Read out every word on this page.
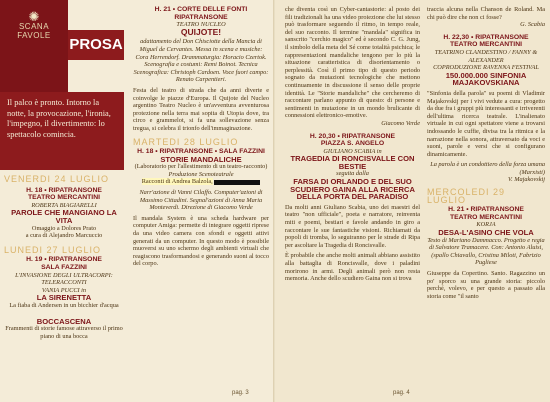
✺
SCANA
FAVOLE
PROSA
Il palco è pronto. Intorno la notte, la provocazione, l'ironia, l'impegno, il divertimento: lo spettacolo comincia.
VENERDI 24 LUGLIO
H. 18 • RIPATRANSONE
TEATRO MERCANTINI
ROBERTA BIAGIARELLI
PAROLE CHE MANGIANO LA VITA
Omaggio a Dolores Prato
a cura di Alejandro Marcuccio
LUNEDI 27 LUGLIO
H. 19 • RIPATRANSONE
SALA FAZZINI
L'INVASIONE DEGLI ULTRACORPI: TELERACCONTI
VANIA PUCCI in
LA SIRENETTA
La fiaba di Andersen in un bicchier d'acqua
BOCCASCENA
Frammenti di storie famose attraverso il primo piano di una bocca
H. 21 • CORTE DELLE FONTI
RIPATRANSONE
TEATRO NUCLEO
QUIJOTE!
adattamento del Don Chisciotte della Mancia di Miguel de Cervantes. Messa in scena e musiche: Cora Herrendorf. Drammaturgia: Horacio Czertok. Scenografia e costumi: Remi Boinot. Tecnica Scenografica: Christoph Cardoen. Voce fuori campo: Renato Carpentieri.
Festa del teatro di strada che da anni diverte e coinvolge le piazze d'Europa. Il Quijote del Nucleo argentino Teatro Nucleo è un'avventura avventurosa protezione nella terra mai sopita di Utopia dove, tra circo e grammelot, si fa una sollevazione senza tregua, si celebra il trionfo dell'immaginazione.
MARTEDI 28 LUGLIO
H. 18 • RIPATRANSONE • SALA FAZZINI
STORIE MANDALICHE
(Laboratorio per l'allestimento di un teatro-racconto)
Produzione Scenoteatrale
Racconti di Andrea Balzola,
Narr'azione di Vanni Cilaffo. Computer'azioni di Massimo Cittadini. Segnal'azioni di Anna Maria Monteverdi. Direzione di Giacomo Verde
Il mandala System è una scheda hardware per computer Amiga: permette di integrare oggetti riprese da una video camera con sfondi e oggetti attivi generati da un computer. In questo modo è possibile muoversi su uno schermo degli ambienti virtuali che reagiscono trasformandosi e generando suoni al tocco del corpo.
pag. 3
che diventa così un Cyber-cantastorie: al posto dei fili tradizionali ha una video proiezione che lui stesso può trasformare seguendo il ritmo, in tempo reale, del suo racconto. Il termine "mandala" significa in sanscrito "cerchio magico" ed è secondo C. G. Jung, il simbolo della meta del Sé come totalità psichica; le rappresentazioni mandaliche tengono per lo più la situazione caratteristica di disorientamento o perplessità. Così il primo tipo di questo periodo sognato da mutazioni tecnologiche che mettono continuamente in discussione il senso delle proprie identità. Le "Storie mandaliche" che cercheremo di raccontare parlano appunto di questo: di persone e sentimenti in mutazione in un mondo brulicante di connessioni elettronico-emotive.
Giacomo Verde
H. 20,30 • RIPATRANSONE
PIAZZA S. ANGELO
GIULIANO SCABIA in
TRAGEDIA DI RONCISVALLE CON BESTIE
seguita dalla
FARSA DI ORLANDO E DEL SUO SCUDIERO GAINA ALLA RICERCA DELLA PORTA DEL PARADISO
Da molti anni Giuliano Scabia, uno dei maestri del teatro "non ufficiale", poeta e narratore, reinventa miti e poemi, bestiari e favole andando in giro a raccontare le sue fantastiche visioni. Richiamati da popoli di tromba, lo seguiranno per le strade di Ripa per ascoltare la Tragedia di Roncisvalle.
È probabile che anche molti animali abbiano assistito alla battaglia di Roncisvalle, dove i paladini morirono in armi. Degli animali però non resta memoria. Anche dello scudiero Gaina non si trova
pag. 4
traccia alcuna nella Chanson de Roland. Ma chi può dire che non ci fosse?
G. Scabia
H. 22,30 • RIPATRANSONE
TEATRO MERCANTINI
TEATRINO CLANDESTINO / FANNY & ALEXANDER
COPRODUZIONE RAVENNA FESTIVAL
150.000.000 SINFONIA MAJAKOVSKIANA
"Sinfonia della parola" su poemi di Vladimir Majakovskij per i vivi vedute a cura: progetto da due fra i gruppi più interessanti e irriverenti dell'ultima ricerca teatrale. L'inalienato virtuale in cui ogni spettatore viene a trovarsi indossando le cuffie, divisa tra la ritmica e la narrazione nella sonora, attraversato da voci e suoni, parole e versi che si configurano dinamicamente.
La parola è un condottiero della forza umana (Marxisti)
V. Majakovskij
MERCOLEDI 29 LUGLIO
H. 21 • RIPATRANSONE
TEATRO MERCANTINI
KORJA
DESA-L'ASINO CHE VOLA
Testo di Mariano Dammacco. Progetto e regia di Salvatore Tramacere. Con: Antonio Aluisi, (spallo Chiavallo, Cristina Miloti, Fabrizio Pugliese
Giuseppe da Copertino. Santo. Ragazzino un po' sporco su una grande storia: piccolo perché, volevo, e per questo a passato alla storia come "il santo
